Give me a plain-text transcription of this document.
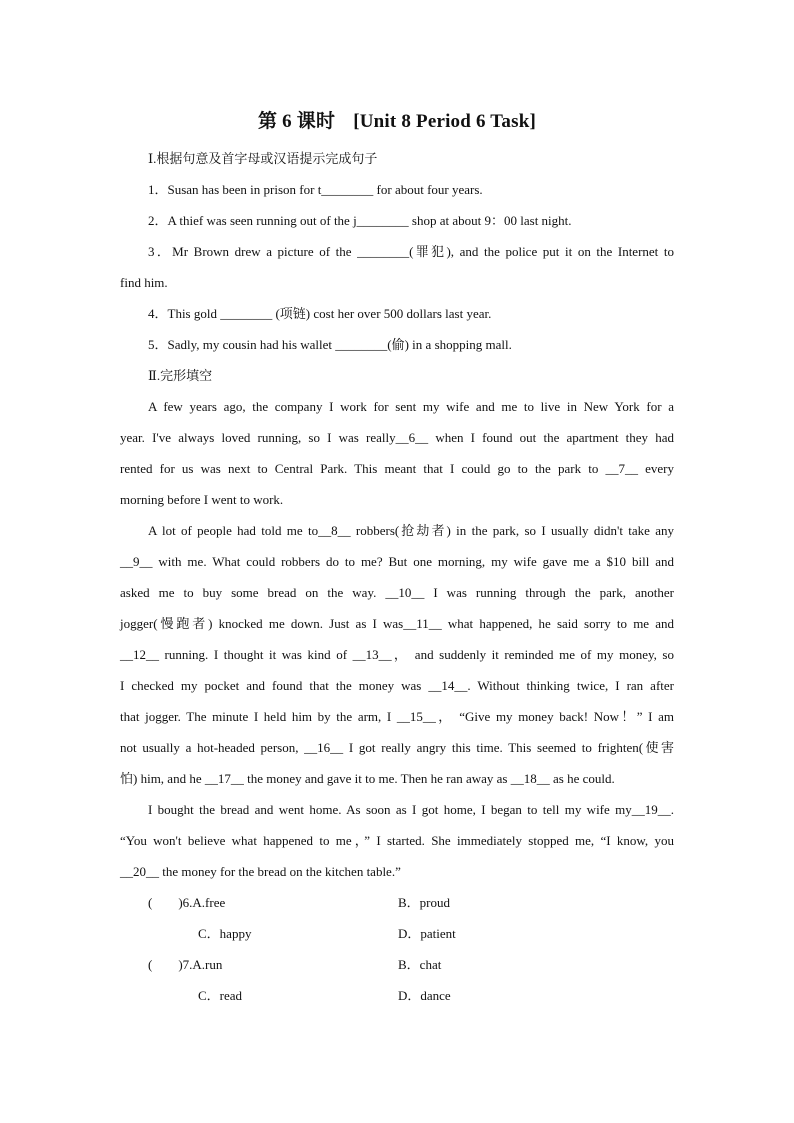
第 6 课时 [Unit 8 Period 6 Task]
Ⅰ.根据句意及首字母或汉语提示完成句子
1．Susan has been in prison for t________ for about four years.
2．A thief was seen running out of the j________ shop at about 9：00 last night.
3．Mr Brown drew a picture of the ________(罪犯), and the police put it on the Internet to
find him.
4．This gold ________ (项链) cost her over 500 dollars last year.
5．Sadly, my cousin had his wallet ________(偷) in a shopping mall.
Ⅱ.完形填空
A few years ago, the company I work for sent my wife and me to live in New York for a
year. I've always loved running, so I was really__6__ when I found out the apartment they had
rented for us was next to Central Park. This meant that I could go to the park to __7__ every
morning before I went to work.
A lot of people had told me to__8__ robbers(抢劫者) in the park, so I usually didn't take any
__9__ with me. What could robbers do to me? But one morning, my wife gave me a $10 bill and
asked me to buy some bread on the way. __10__ I was running through the park, another
jogger(慢跑者) knocked me down. Just as I was__11__ what happened, he said sorry to me and
__12__ running. I thought it was kind of __13__， and suddenly it reminded me of my money, so
I checked my pocket and found that the money was __14__. Without thinking twice, I ran after
that jogger. The minute I held him by the arm, I __15__， “Give my money back! Now！” I am
not usually a hot-headed person, __16__ I got really angry this time. This seemed to frighten(使害
怕) him, and he __17__ the money and gave it to me. Then he ran away as __18__ as he could.
I bought the bread and went home. As soon as I got home, I began to tell my wife my__19__.
“You won't believe what happened to me，” I started. She immediately stopped me, “I know, you
__20__ the money for the bread on the kitchen table.”
(　　)6.A.free	B．proud
C．happy	D．patient
(　　)7.A.run	B．chat
C．read	D．dance
